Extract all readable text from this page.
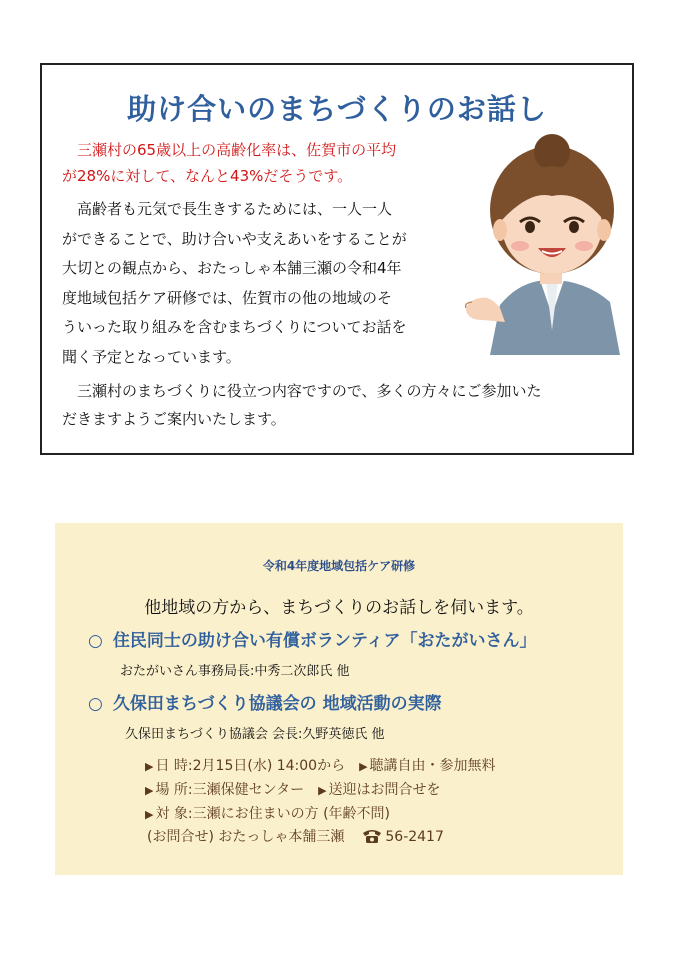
助け合いのまちづくりのお話し

三瀬村の65歳以上の高齢化率は、佐賀市の平均

が28%に対して、なんと43%だそうです。

高齢者も元気で長生きするためには、一人一人

ができることで、助け合いや支えあいをすることが

大切との観点から、おたっしゃ本舗三瀬の令和4年

度地域包括ケア研修では、佐賀市の他の地域のそ

ういった取り組みを含むまちづくりについてお話を

聞く予定となっています。

三瀬村のまちづくりに役立つ内容ですので、多くの方々にご参加いた

だきますようご案内いたします。

令和4年度地域包括ケア研修
他地域の方から、まちづくりのお話しを伺います。
○ 住民同士の助け合い有償ボランティア「おたがいさん」
おたがいさん事務局長:中秀二次郎氏 他
○ 久保田まちづくり協議会の 地域活動の実際
久保田まちづくり協議会 会長:久野英徳氏 他
▶ 日 時:2月15日(水) 14:00から ▶ 聴講自由・参加無料
▶ 場 所:三瀬保健センター ▶ 送迎はお問合せを
▶ 対 象:三瀬にお住まいの方 (年齢不問)
(お問合せ) おたっしゃ本舗三瀬	56-2417
